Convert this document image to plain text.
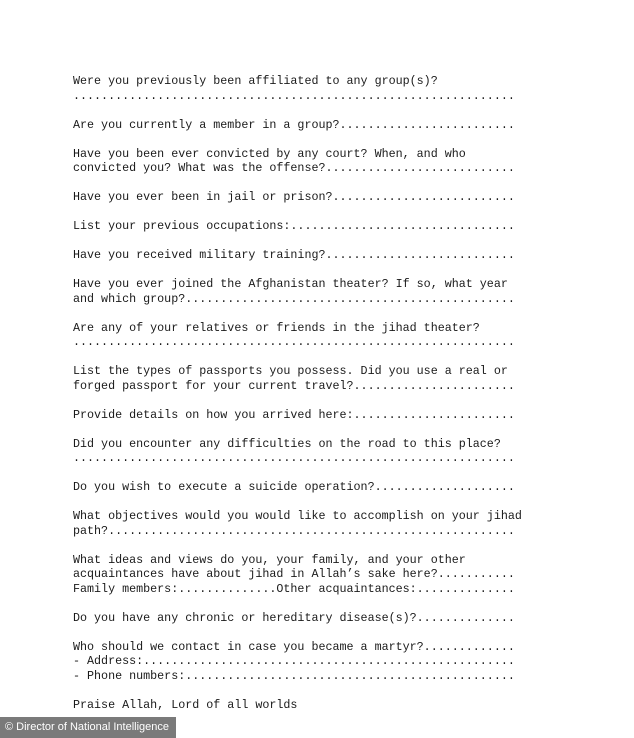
Were you previously been affiliated to any group(s)?
...............................................................
Are you currently a member in a group?.........................
Have you been ever convicted by any court? When, and who
convicted you? What was the offense?...........................
Have you ever been in jail or prison?..........................
List your previous occupations:................................
Have you received military training?...........................
Have you ever joined the Afghanistan theater? If so, what year
and which group?...............................................
Are any of your relatives or friends in the jihad theater?
...............................................................
List the types of passports you possess. Did you use a real or
forged passport for your current travel?.......................
Provide details on how you arrived here:.......................
Did you encounter any difficulties on the road to this place?
...............................................................
Do you wish to execute a suicide operation?....................
What objectives would you would like to accomplish on your jihad
path?..........................................................
What ideas and views do you, your family, and your other
acquaintances have about jihad in Allah’s sake here?...........
Family members:..............Other acquaintances:..............
Do you have any chronic or hereditary disease(s)?..............
Who should we contact in case you became a martyr?.............
- Address:.....................................................
- Phone numbers:...............................................
Praise Allah, Lord of all worlds
© Director of National Intelligence
